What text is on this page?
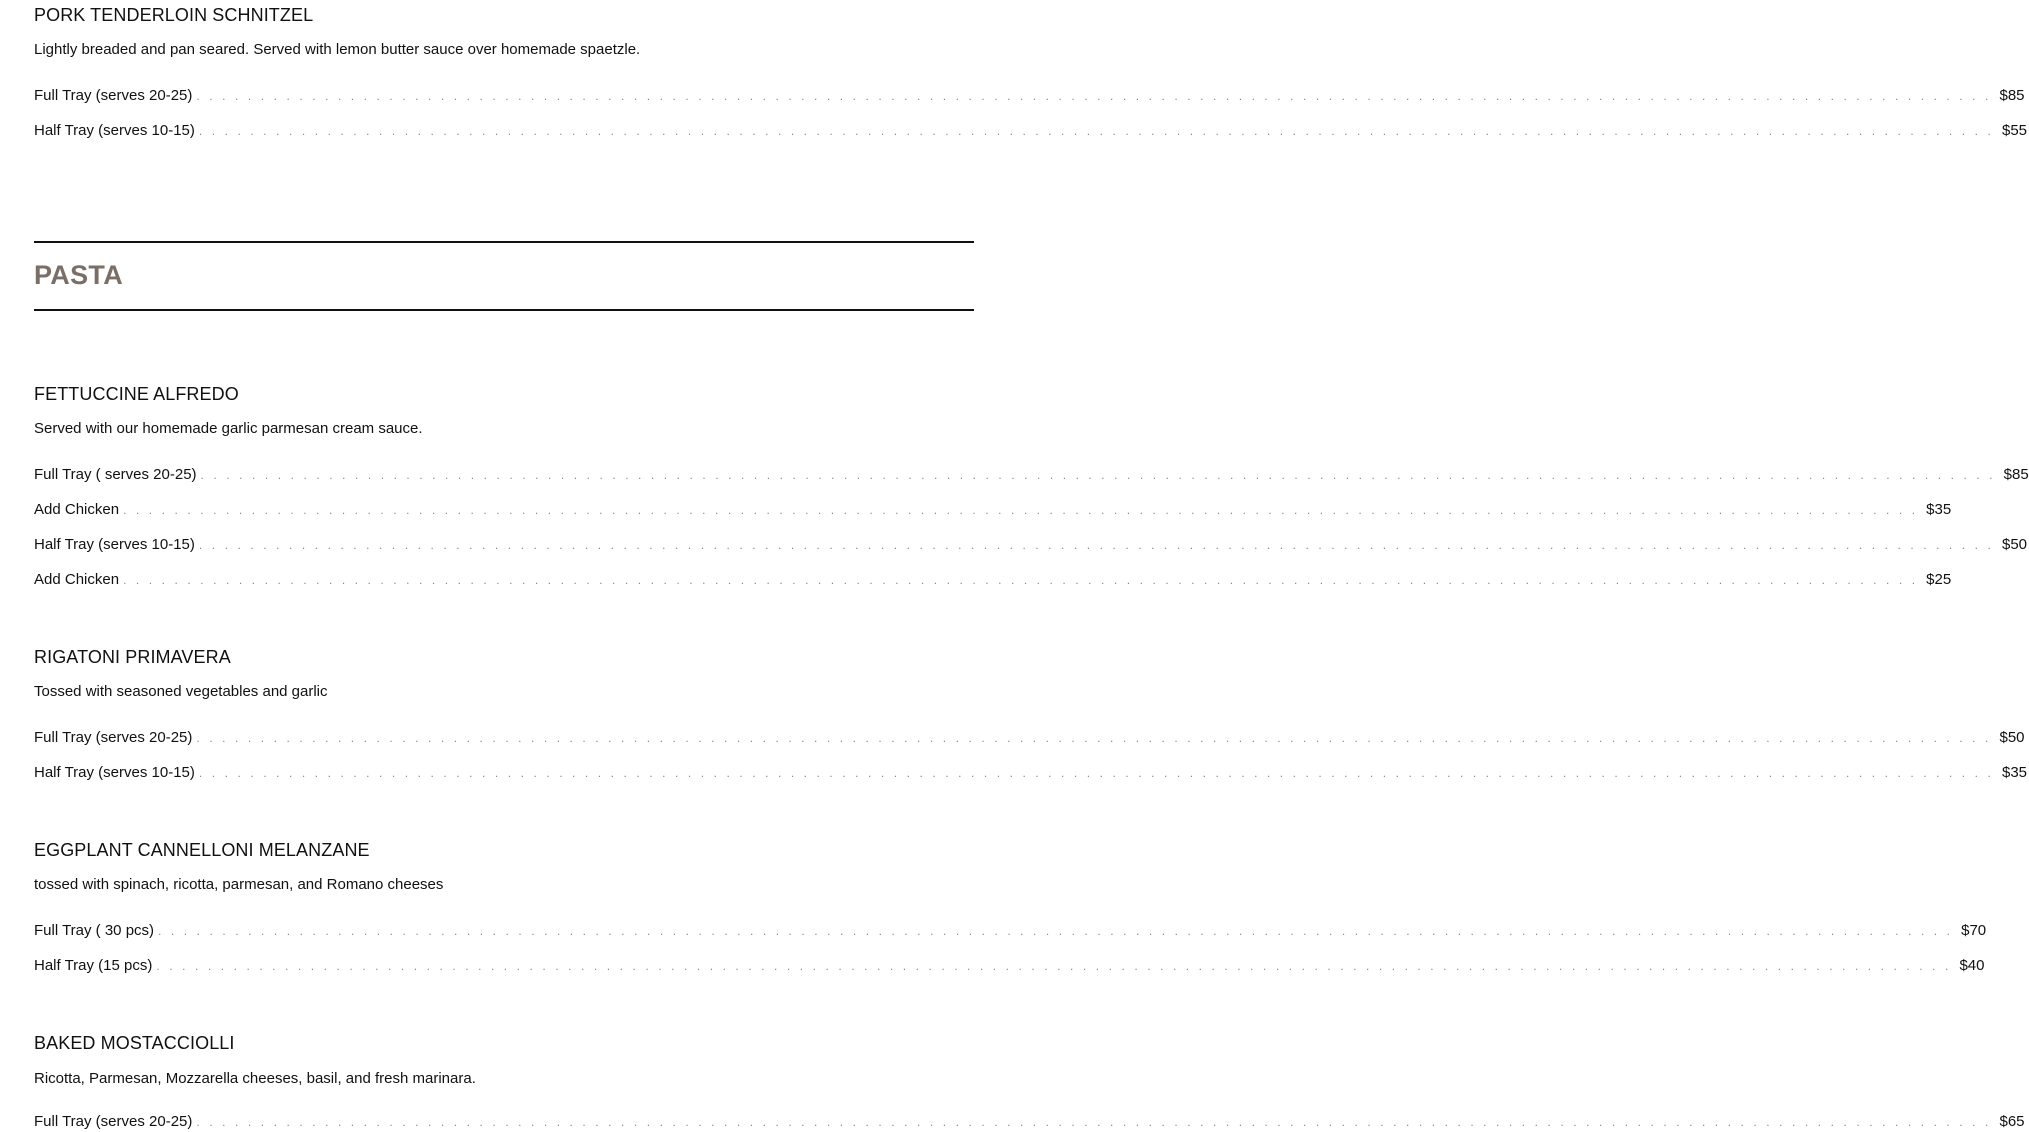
PORK TENDERLOIN SCHNITZEL

Lightly breaded and pan seared. Served with lemon butter sauce over homemade spaetzle.

Full Tray (serves 20-25) . . . . . . . . . . . . . . . . . . . . . . . . . . . . . . . . . . . . . . . . . . . . . . . . . . . . . . . . . . . . . . . . . . . . . . . . . . . . . . . . . . . . . . . . . . . . . . . . . . . . . . . . . . . . . . . . . . . . . . . . . . . . . . . . . . . . . . . . . . . . $85
Half Tray (serves 10-15) . . . . . . . . . . . . . . . . . . . . . . . . . . . . . . . . . . . . . . . . . . . . . . . . . . . . . . . . . . . . . . . . . . . . . . . . . . . . . . . . . . . . . . . . . . . . . . . . . . . . . . . . . . . . . . . . . . . . . . . . . . . . . . . . . . . . . . . . . . . . $55
PASTA
FETTUCCINE ALFREDO

Served with our homemade garlic parmesan cream sauce.

Full Tray ( serves 20-25) . . . . . . . . . . . . . . . . . . . . . . . . . . . . . . . . . . . . . . . . . . . . . . . . . . . . . . . . . . . . . . . . . . . . . . . . . . . . . . . . . . . . . . . . . . . . . . . . . . . . . . . . . . . . . . . . . . . . . . . . . . . . . . . . . . . . . . . . . . . . $85
Add Chicken . . . . . . . . . . . . . . . . . . . . . . . . . . . . . . . . . . . . . . . . . . . . . . . . . . . . . . . . . . . . . . . . . . . . . . . . . . . . . . . . . . . . . . . . . . . . . . . . . . . . . . . . . . . . . . . . . . . . . . . . . . . . . . . . . . . . . . . . . . . . $35
Half Tray (serves 10-15) . . . . . . . . . . . . . . . . . . . . . . . . . . . . . . . . . . . . . . . . . . . . . . . . . . . . . . . . . . . . . . . . . . . . . . . . . . . . . . . . . . . . . . . . . . . . . . . . . . . . . . . . . . . . . . . . . . . . . . . . . . . . . . . . . . . . . . . . . . . . $50
Add Chicken . . . . . . . . . . . . . . . . . . . . . . . . . . . . . . . . . . . . . . . . . . . . . . . . . . . . . . . . . . . . . . . . . . . . . . . . . . . . . . . . . . . . . . . . . . . . . . . . . . . . . . . . . . . . . . . . . . . . . . . . . . . . . . . . . . . . . . . . . . . . $25
RIGATONI PRIMAVERA

Tossed with seasoned vegetables and garlic

Full Tray (serves 20-25) . . . . . . . . . . . . . . . . . . . . . . . . . . . . . . . . . . . . . . . . . . . . . . . . . . . . . . . . . . . . . . . . . . . . . . . . . . . . . . . . . . . . . . . . . . . . . . . . . . . . . . . . . . . . . . . . . . . . . . . . . . . . . . . . . . . . . . . . . . . . $50
Half Tray (serves 10-15) . . . . . . . . . . . . . . . . . . . . . . . . . . . . . . . . . . . . . . . . . . . . . . . . . . . . . . . . . . . . . . . . . . . . . . . . . . . . . . . . . . . . . . . . . . . . . . . . . . . . . . . . . . . . . . . . . . . . . . . . . . . . . . . . . . . . . . . . . . . . $35
EGGPLANT CANNELLONI MELANZANE

tossed with spinach, ricotta, parmesan, and Romano cheeses

Full Tray ( 30 pcs) . . . . . . . . . . . . . . . . . . . . . . . . . . . . . . . . . . . . . . . . . . . . . . . . . . . . . . . . . . . . . . . . . . . . . . . . . . . . . . . . . . . . . . . . . . . . . . . . . . . . . . . . . . . . . . . . . . . . . . . . . . . . . . . . . . . . . . . . . . . . $70
Half Tray (15 pcs) . . . . . . . . . . . . . . . . . . . . . . . . . . . . . . . . . . . . . . . . . . . . . . . . . . . . . . . . . . . . . . . . . . . . . . . . . . . . . . . . . . . . . . . . . . . . . . . . . . . . . . . . . . . . . . . . . . . . . . . . . . . . . . . . . . . . . . . . . . . . $40
BAKED MOSTACCIOLLI

Ricotta, Parmesan, Mozzarella cheeses, basil, and fresh marinara.

Full Tray (serves 20-25) . . . . . . . . . . . . . . . . . . . . . . . . . . . . . . . . . . . . . . . . . . . . . . . . . . . . . . . . . . . . . . . . . . . . . . . . . . . . . . . . . . . . . . . . . . . . . . . . . . . . . . . . . . . . . . . . . . . . . . . . . . . . . . . . . . . . . . . . . . . . $65
